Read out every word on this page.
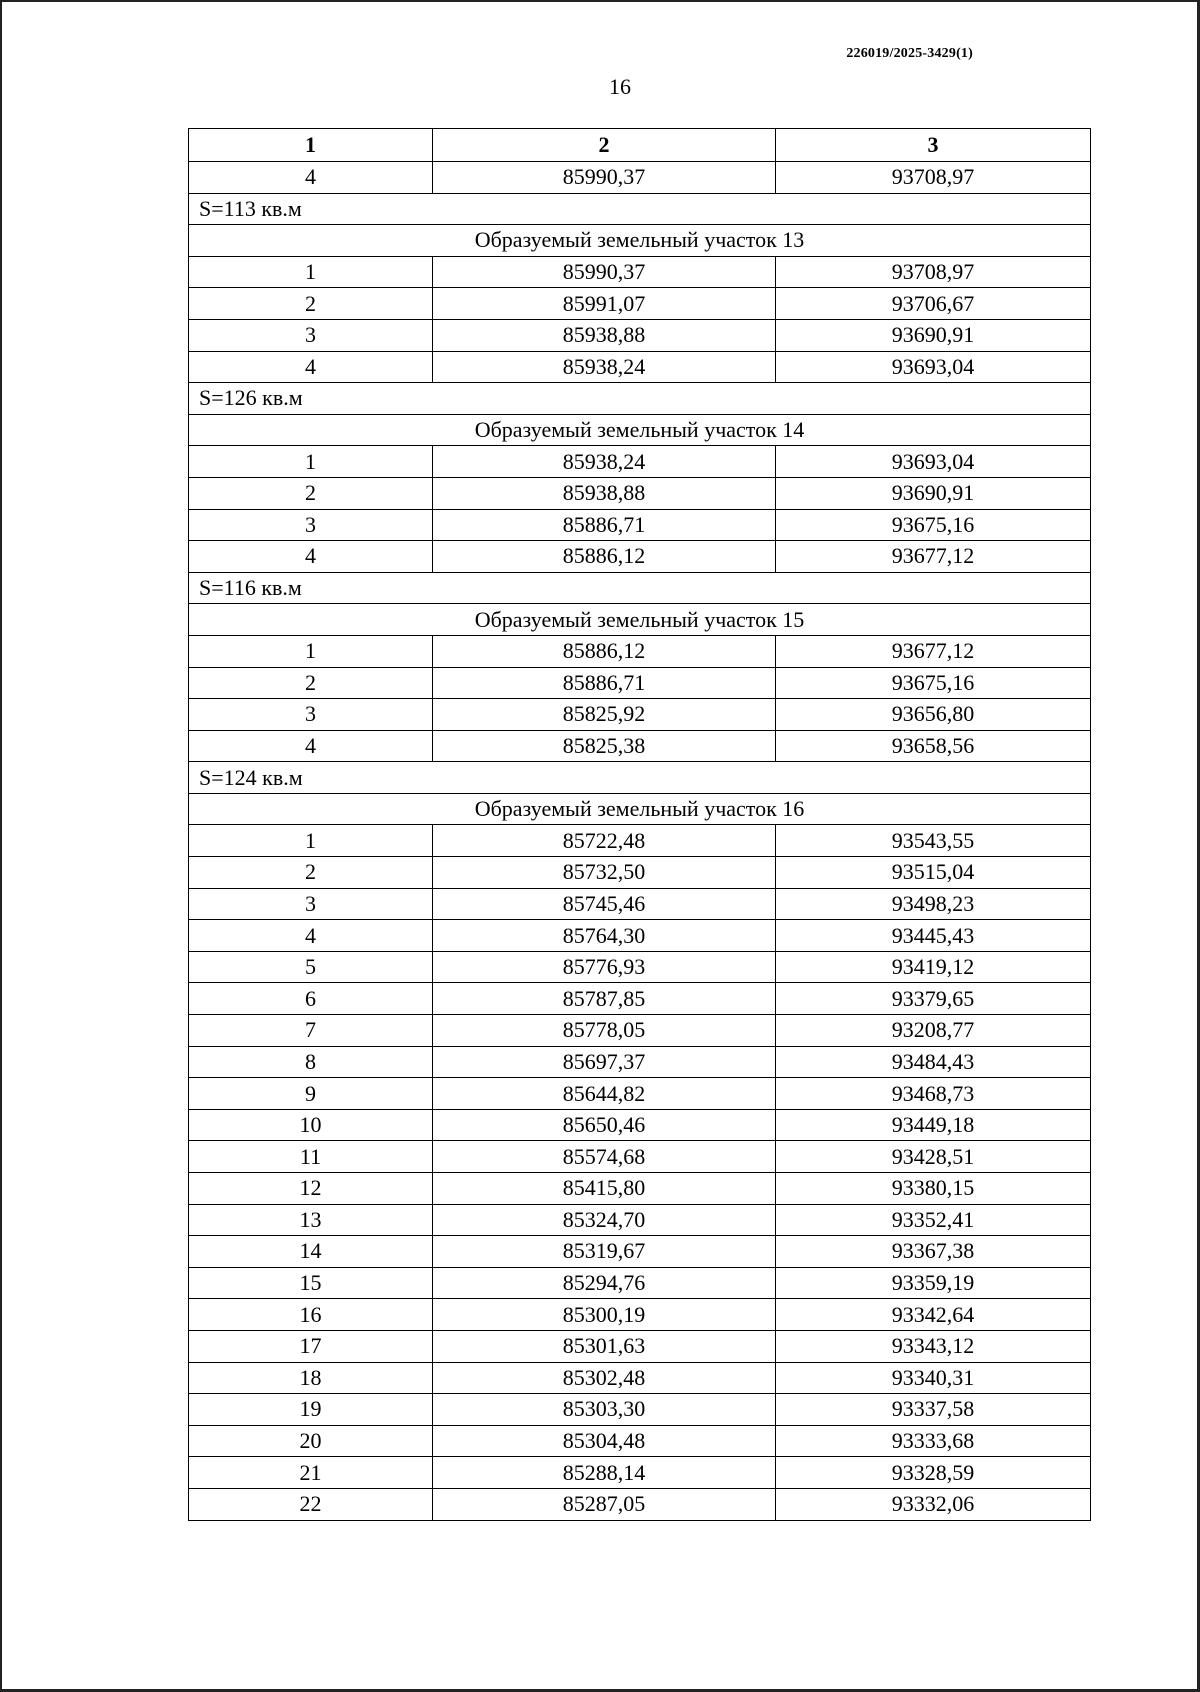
226019/2025-3429(1)
16
1	2	3
4	85990,37	93708,97
S=113 кв.м		
Образуемый земельный участок 13		
1	85990,37	93708,97
2	85991,07	93706,67
3	85938,88	93690,91
4	85938,24	93693,04
S=126 кв.м		
Образуемый земельный участок 14		
1	85938,24	93693,04
2	85938,88	93690,91
3	85886,71	93675,16
4	85886,12	93677,12
S=116 кв.м		
Образуемый земельный участок 15		
1	85886,12	93677,12
2	85886,71	93675,16
3	85825,92	93656,80
4	85825,38	93658,56
S=124 кв.м		
Образуемый земельный участок 16		
1	85722,48	93543,55
2	85732,50	93515,04
3	85745,46	93498,23
4	85764,30	93445,43
5	85776,93	93419,12
6	85787,85	93379,65
7	85778,05	93208,77
8	85697,37	93484,43
9	85644,82	93468,73
10	85650,46	93449,18
11	85574,68	93428,51
12	85415,80	93380,15
13	85324,70	93352,41
14	85319,67	93367,38
15	85294,76	93359,19
16	85300,19	93342,64
17	85301,63	93343,12
18	85302,48	93340,31
19	85303,30	93337,58
20	85304,48	93333,68
21	85288,14	93328,59
22	85287,05	93332,06
